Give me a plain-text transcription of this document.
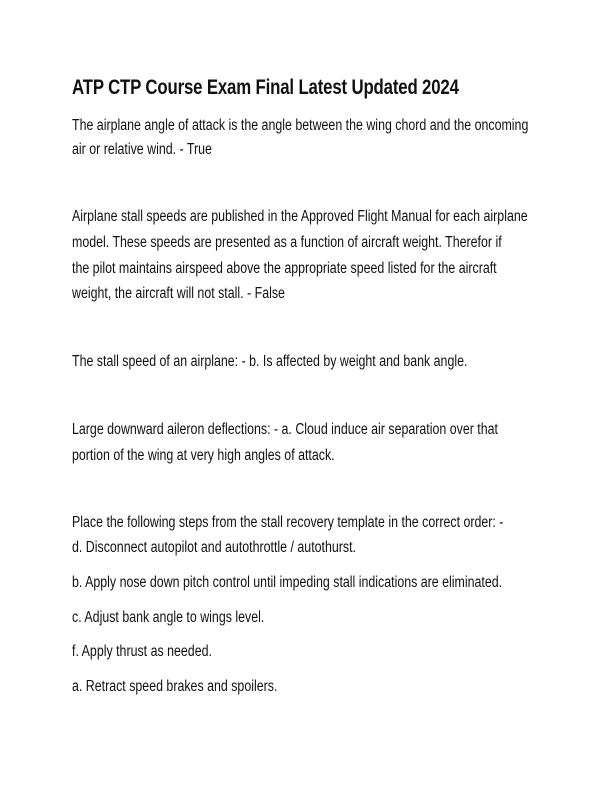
ATP CTP Course Exam Final Latest Updated 2024
The airplane angle of attack is the angle between the wing chord and the oncoming
air or relative wind. - True
Airplane stall speeds are published in the Approved Flight Manual for each airplane
model. These speeds are presented as a function of aircraft weight. Therefor if
the pilot maintains airspeed above the appropriate speed listed for the aircraft
weight, the aircraft will not stall. - False
The stall speed of an airplane: - b. Is affected by weight and bank angle.
Large downward aileron deflections: - a. Cloud induce air separation over that
portion of the wing at very high angles of attack.
Place the following steps from the stall recovery template in the correct order: -
d. Disconnect autopilot and autothrottle / autothurst.
b. Apply nose down pitch control until impeding stall indications are eliminated.
c. Adjust bank angle to wings level.
f. Apply thrust as needed.
a. Retract speed brakes and spoilers.
